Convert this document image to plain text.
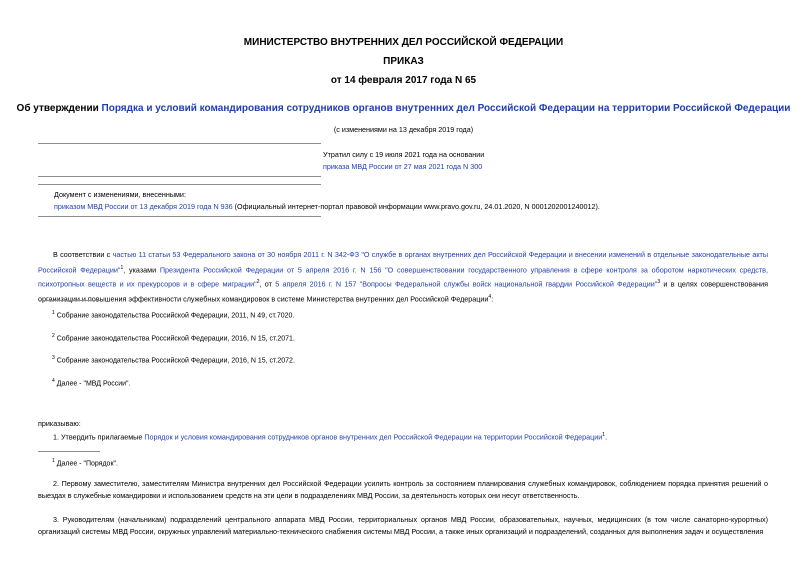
МИНИСТЕРСТВО ВНУТРЕННИХ ДЕЛ РОССИЙСКОЙ ФЕДЕРАЦИИ
ПРИКАЗ
от 14 февраля 2017 года N 65
Об утверждении Порядка и условий командирования сотрудников органов внутренних дел Российской Федерации на территории Российской Федерации
(с изменениями на 13 декабря 2019 года)
Утратил силу с 19 июля 2021 года на основании
приказа МВД России от 27 мая 2021 года N 300
Документ с изменениями, внесенными:
приказом МВД России от 13 декабря 2019 года N 936 (Официальный интернет-портал правовой информации www.pravo.gov.ru, 24.01.2020, N 0001202001240012).
В соответствии с частью 11 статьи 53 Федерального закона от 30 ноября 2011 г. N 342-ФЗ "О службе в органах внутренних дел Российской Федерации и внесении изменений в отдельные законодательные акты Российской Федерации"$^1$, указами Президента Российской Федерации от 5 апреля 2016 г. N 156 "О совершенствовании государственного управления в сфере контроля за оборотом наркотических средств, психотропных веществ и их прекурсоров и в сфере миграции"$^2$, от 5 апреля 2016 г. N 157 "Вопросы Федеральной службы войск национальной гвардии Российской Федерации"$^3$ и в целях совершенствования организации и повышения эффективности служебных командировок в системе Министерства внутренних дел Российской Федерации$^4$:
$^1$ Собрание законодательства Российской Федерации, 2011, N 49, ст.7020.
$^2$ Собрание законодательства Российской Федерации, 2016, N 15, ст.2071.
$^3$ Собрание законодательства Российской Федерации, 2016, N 15, ст.2072.
$^4$ Далее - "МВД России".
приказываю:
1. Утвердить прилагаемые Порядок и условия командирования сотрудников органов внутренних дел Российской Федерации на территории Российской Федерации$^1$.
$^1$ Далее - "Порядок".
2. Первому заместителю, заместителям Министра внутренних дел Российской Федерации усилить контроль за состоянием планирования служебных командировок, соблюдением порядка принятия решений о выездах в служебные командировки и использованием средств на эти цели в подразделениях МВД России, за деятельность которых они несут ответственность.
3. Руководителям (начальникам) подразделений центрального аппарата МВД России, территориальных органов МВД России, образовательных, научных, медицинских (в том числе санаторно-курортных) организаций системы МВД России, окружных управлений материально-технического снабжения системы МВД России, а также иных организаций и подразделений, созданных для выполнения задач и осуществления
